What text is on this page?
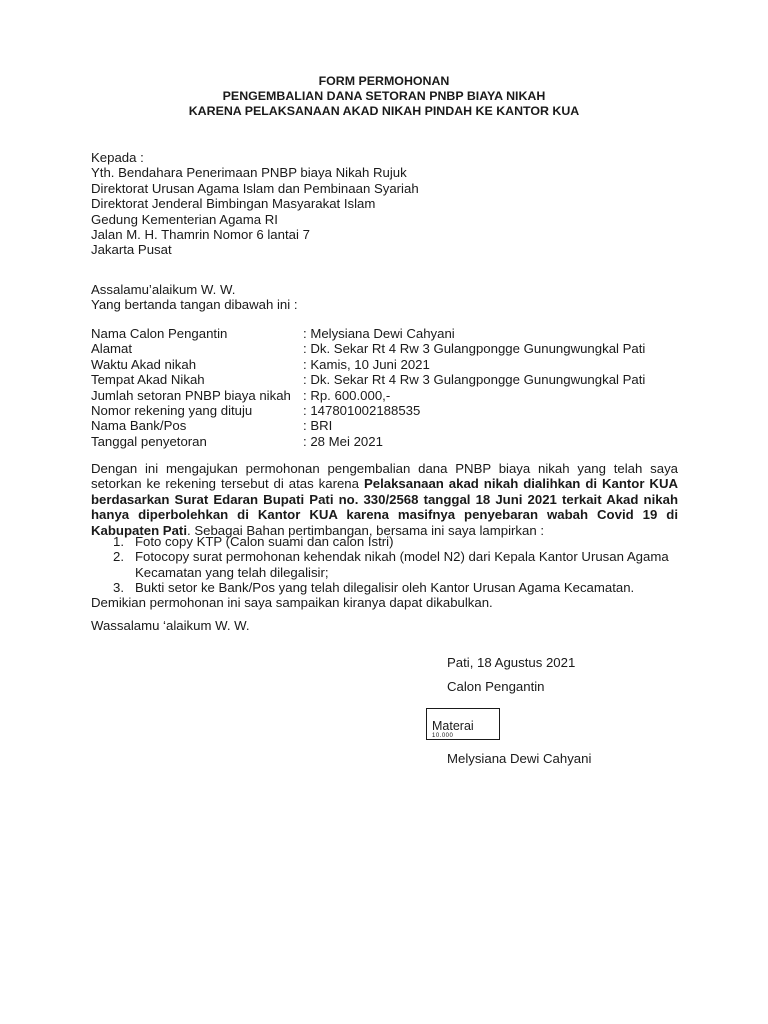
FORM PERMOHONAN
PENGEMBALIAN DANA SETORAN PNBP BIAYA NIKAH
KARENA PELAKSANAAN AKAD NIKAH PINDAH KE KANTOR KUA
Kepada :
Yth. Bendahara Penerimaan PNBP biaya Nikah Rujuk
Direktorat Urusan Agama Islam dan Pembinaan Syariah
Direktorat Jenderal Bimbingan Masyarakat Islam
Gedung Kementerian Agama RI
Jalan M. H. Thamrin Nomor 6 lantai 7
Jakarta Pusat
Assalamu’alaikum W. W.
Yang bertanda tangan dibawah ini :
Nama Calon Pengantin	: Melysiana Dewi Cahyani
Alamat	: Dk. Sekar Rt 4 Rw 3 Gulangpongge Gunungwungkal Pati
Waktu Akad nikah	: Kamis, 10 Juni 2021
Tempat Akad Nikah	: Dk. Sekar Rt 4 Rw 3 Gulangpongge Gunungwungkal Pati
Jumlah setoran PNBP biaya nikah : Rp. 600.000,-
Nomor rekening yang dituju	: 147801002188535
Nama Bank/Pos	: BRI
Tanggal penyetoran	: 28 Mei 2021

Dengan ini mengajukan permohonan pengembalian dana PNBP biaya nikah yang telah saya setorkan ke rekening tersebut di atas karena Pelaksanaan akad nikah dialihkan di Kantor KUA berdasarkan Surat Edaran Bupati Pati no. 330/2568 tanggal 18 Juni 2021 terkait Akad nikah hanya diperbolehkan di Kantor KUA karena masifnya penyebaran wabah Covid 19 di Kabupaten Pati. Sebagai Bahan pertimbangan, bersama ini saya lampirkan :

1. Foto copy KTP (Calon suami dan calon Istri)
2. Fotocopy surat permohonan kehendak nikah (model N2) dari Kepala Kantor Urusan Agama Kecamatan yang telah dilegalisir;
3. Bukti setor ke Bank/Pos yang telah dilegalisir oleh Kantor Urusan Agama Kecamatan.
Demikian permohonan ini saya sampaikan kiranya dapat dikabulkan.
Wassalamu ‘alaikum W. W.
Pati, 18 Agustus 2021
Calon Pengantin
Materai
10.000
Melysiana Dewi Cahyani
